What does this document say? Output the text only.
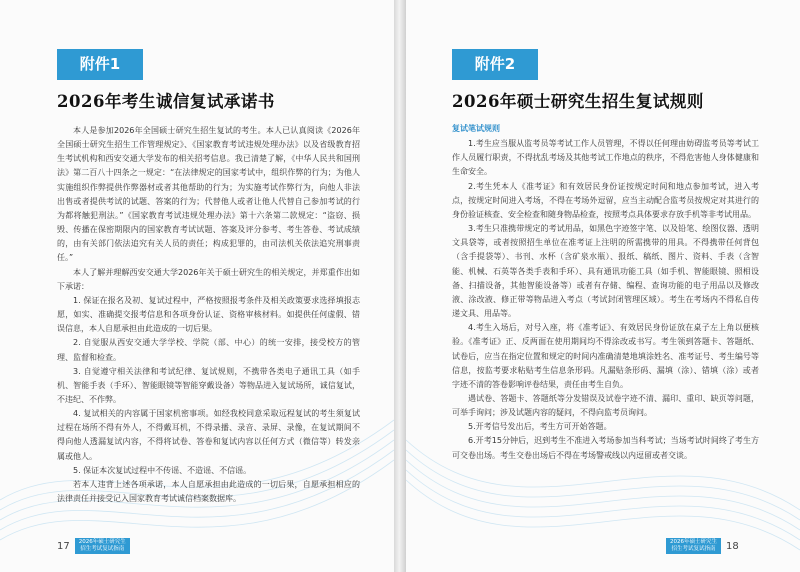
附件1
2026年考生诚信复试承诺书

本人是参加2026年全国硕士研究生招生复试的考生。本人已认真阅读《2026年全国硕士研究生招生工作管理规定》、《国家教育考试违规处理办法》以及省级教育招生考试机构和西安交通大学发布的相关招考信息。我已清楚了解，《中华人民共和国刑法》第二百八十四条之一规定：“在法律规定的国家考试中，组织作弊的行为；为他人实施组织作弊提供作弊器材或者其他帮助的行为；为实施考试作弊行为，向他人非法出售或者提供考试的试题、答案的行为；代替他人或者让他人代替自己参加考试的行为都将触犯刑法。”《国家教育考试违规处理办法》第十六条第二款规定：“盗窃、损毁、传播在保密期限内的国家教育考试试题、答案及评分参考、考生答卷、考试成绩的，由有关部门依法追究有关人员的责任；构成犯罪的，由司法机关依法追究刑事责任。”

本人了解并理解西安交通大学2026年关于硕士研究生的相关规定，并郑重作出如下承诺：

1. 保证在报名及初、复试过程中，严格按照报考条件及相关政策要求选择填报志愿，如实、准确提交报考信息和各项身份认证、资格审核材料。如提供任何虚假、错误信息，本人自愿承担由此造成的一切后果。

2. 自觉服从西安交通大学学校、学院（部、中心）的统一安排，接受校方的管理、监督和检查。

3. 自觉遵守相关法律和考试纪律、复试规则，不携带各类电子通讯工具（如手机、智能手表（手环）、智能眼镜等智能穿戴设备）等物品进入复试场所，诚信复试，不违纪、不作弊。

4. 复试相关的内容属于国家机密事项。如经我校同意采取远程复试的考生须复试过程在场所不得有外人，不得戴耳机，不得录播、录音、录屏、录像，在复试期间不得向他人透漏复试内容，不得将试卷、答卷和复试内容以任何方式（微信等）转发亲属或他人。

5. 保证本次复试过程中不传谣、不造谣、不信谣。

若本人违背上述各项承诺，本人自愿承担由此造成的一切后果，自愿承担相应的法律责任并接受记入国家教育考试诚信档案数据库。

17 2026年硕士研究生
招生考试复试指南
附件2
2026年硕士研究生招生复试规则

复试笔试规则

1.考生应当服从监考员等考试工作人员管理，不得以任何理由妨碍监考员等考试工作人员履行职责，不得扰乱考场及其他考试工作地点的秩序，不得危害他人身体健康和生命安全。

2.考生凭本人《准考证》和有效居民身份证按规定时间和地点参加考试，进入考点，按规定时间进入考场，不得在考场外逗留，应当主动配合监考员按规定对其进行的身份验证核查、安全检查和随身物品检查，按照考点具体要求存放手机等非考试用品。

3.考生只准携带规定的考试用品，如黑色字迹签字笔、以及铅笔、绘图仪器、透明文具袋等，或者按照招生单位在准考证上注明的所需携带的用具。不得携带任何背包（含手提袋等）、书刊、水杯（含矿泉水瓶）、报纸、稿纸、图片、资料、手表（含智能、机械、石英等各类手表和手环）、具有通讯功能工具（如手机、智能眼镜、照相设备、扫描设备，其他智能设备等）或者有存储、编程、查询功能的电子用品以及修改液、涂改液、修正带等物品进入考点（考试封闭管理区域）。考生在考场内不得私自传递文具、用品等。

4.考生入场后，对号入座，将《准考证》、有效居民身份证放在桌子左上角以便核验。《准考证》正、反两面在使用期间均不得涂改或书写。考生领到答题卡、答题纸、试卷后，应当在指定位置和规定的时间内准确清楚地填涂姓名、准考证号、考生编号等信息，按监考要求粘贴考生信息条形码。凡漏贴条形码、漏填（涂）、错填（涂）或者字迹不清的答卷影响评卷结果，责任由考生自负。

遇试卷、答题卡、答题纸等分发错误及试卷字迹不清、漏印、重印、缺页等问题，可举手询问；涉及试题内容的疑问，不得向监考员询问。

5.开考信号发出后，考生方可开始答题。

6.开考15分钟后，迟到考生不准进入考场参加当科考试；当场考试时间终了考生方可交卷出场。考生交卷出场后不得在考场警戒线以内逗留或者交谈。

2026年硕士研究生
招生考试复试指南 18
